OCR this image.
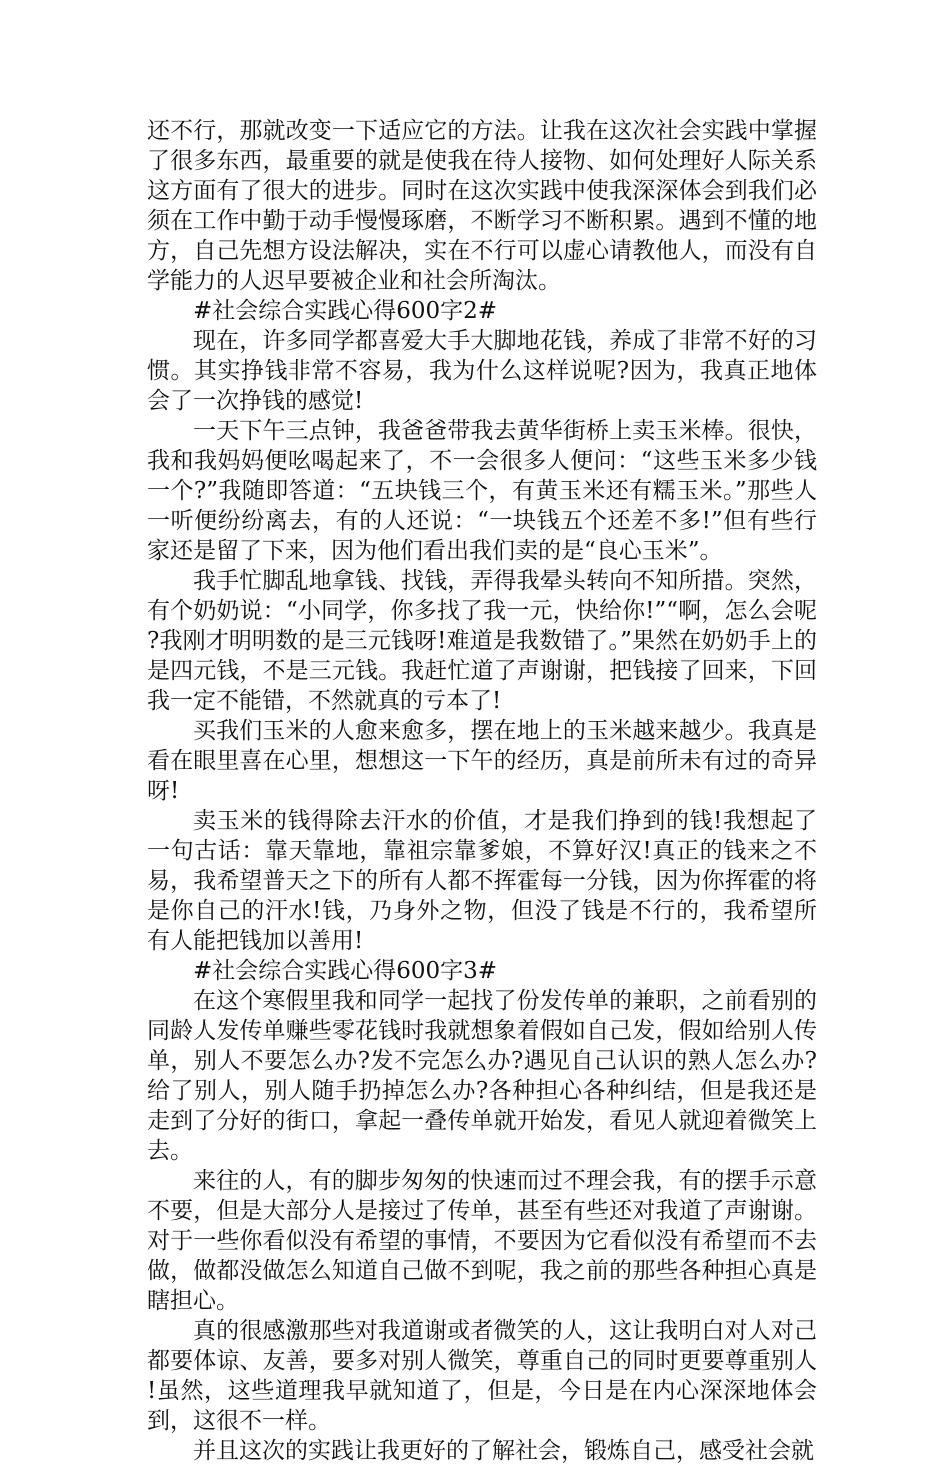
还不行，那就改变一下适应它的方法。让我在这次社会实践中掌握了很多东西，最重要的就是使我在待人接物、如何处理好人际关系这方面有了很大的进步。同时在这次实践中使我深深体会到我们必须在工作中勤于动手慢慢琢磨，不断学习不断积累。遇到不懂的地方，自己先想方设法解决，实在不行可以虚心请教他人，而没有自学能力的人迟早要被企业和社会所淘汰。

#社会综合实践心得600字2#

现在，许多同学都喜爱大手大脚地花钱，养成了非常不好的习惯。其实挣钱非常不容易，我为什么这样说呢?因为，我真正地体会了一次挣钱的感觉!

一天下午三点钟，我爸爸带我去黄华街桥上卖玉米棒。很快，我和我妈妈便吆喝起来了，不一会很多人便问：“这些玉米多少钱一个?”我随即答道：“五块钱三个，有黄玉米还有糯玉米。”那些人一听便纷纷离去，有的人还说：“一块钱五个还差不多!”但有些行家还是留了下来，因为他们看出我们卖的是“良心玉米”。

我手忙脚乱地拿钱、找钱，弄得我晕头转向不知所措。突然，有个奶奶说：“小同学，你多找了我一元，快给你!”“啊，怎么会呢?我刚才明明数的是三元钱呀!难道是我数错了。”果然在奶奶手上的是四元钱，不是三元钱。我赶忙道了声谢谢，把钱接了回来，下回我一定不能错，不然就真的亏本了!

买我们玉米的人愈来愈多，摆在地上的玉米越来越少。我真是看在眼里喜在心里，想想这一下午的经历，真是前所未有过的奇异呀!

卖玉米的钱得除去汗水的价值，才是我们挣到的钱!我想起了一句古话：靠天靠地，靠祖宗靠爹娘，不算好汉!真正的钱来之不易，我希望普天之下的所有人都不挥霍每一分钱，因为你挥霍的将是你自己的汗水!钱，乃身外之物，但没了钱是不行的，我希望所有人能把钱加以善用!

#社会综合实践心得600字3#

在这个寒假里我和同学一起找了份发传单的兼职，之前看别的同龄人发传单赚些零花钱时我就想象着假如自己发，假如给别人传单，别人不要怎么办?发不完怎么办?遇见自己认识的熟人怎么办?给了别人，别人随手扔掉怎么办?各种担心各种纠结，但是我还是走到了分好的街口，拿起一叠传单就开始发，看见人就迎着微笑上去。

来往的人，有的脚步匆匆的快速而过不理会我，有的摆手示意不要，但是大部分人是接过了传单，甚至有些还对我道了声谢谢。对于一些你看似没有希望的事情，不要因为它看似没有希望而不去做，做都没做怎么知道自己做不到呢，我之前的那些各种担心真是瞎担心。

真的很感激那些对我道谢或者微笑的人，这让我明白对人对己都要体谅、友善，要多对别人微笑，尊重自己的同时更要尊重别人!虽然，这些道理我早就知道了，但是，今日是在内心深深地体会到，这很不一样。

并且这次的实践让我更好的了解社会，锻炼自己，感受社会就
